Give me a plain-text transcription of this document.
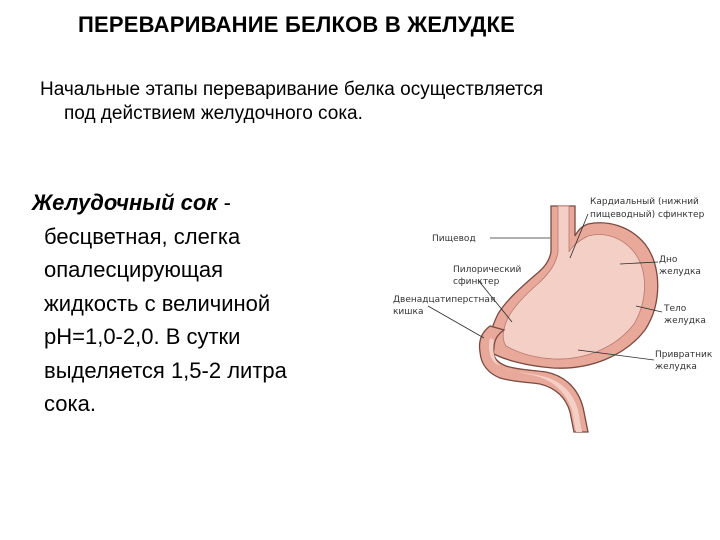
ПЕРЕВАРИВАНИЕ БЕЛКОВ В ЖЕЛУДКЕ
Начальные этапы переваривание белка осуществляется
под действием желудочного сока.
Желудочный сок -
бесцветная, слегка
опалесцирующая
жидкость с величиной
pH=1,0-2,0. В сутки
выделяется 1,5-2 литра
сока.
Кардиальный (нижний
пищеводный) сфинктер
Пищевод
Дно
желудка
Пилорический
сфинктер
Двенадцатиперстная
кишка	Тело
желудка
Привратник
желудка
